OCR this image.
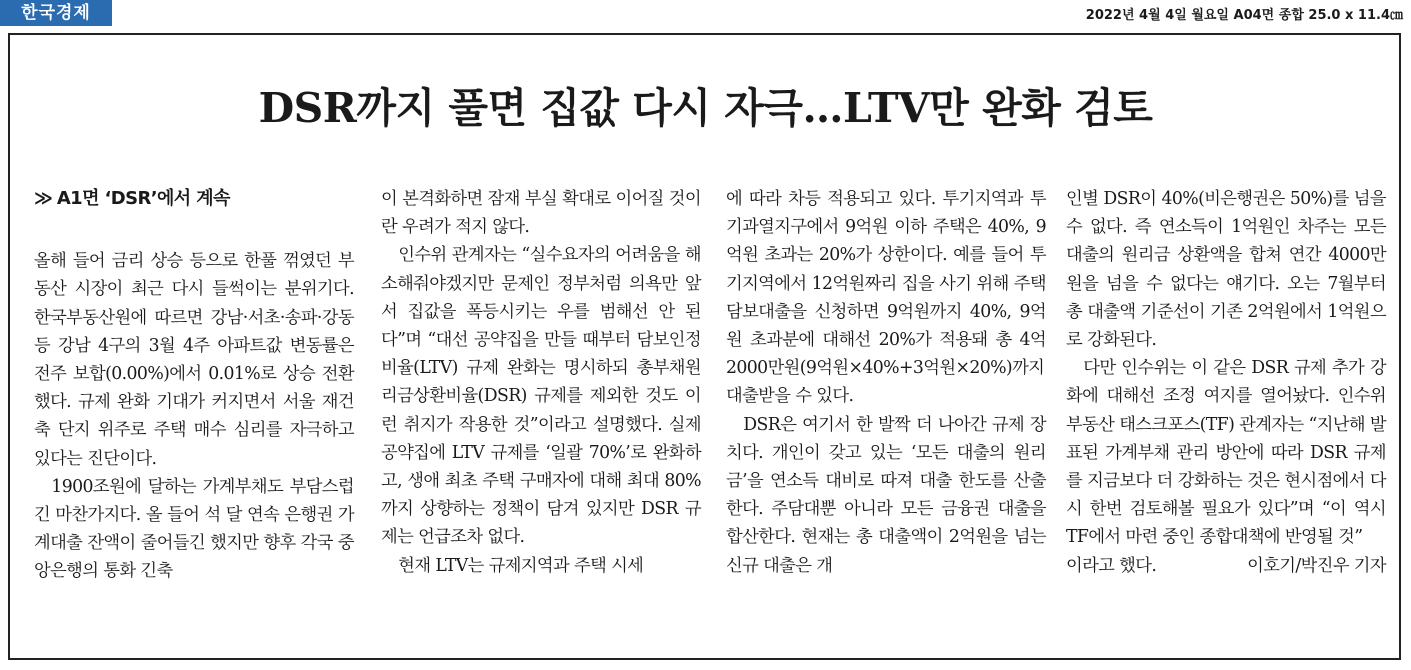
한국경제	2022년 4월 4일 월요일 A04면 종합 25.0 x 11.4㎝
DSR까지 풀면 집값 다시 자극…LTV만 완화 검토
≫ A1면 ‘DSR’에서 계속

올해 들어 금리 상승 등으로 한풀 꺾였던 부동산 시장이 최근 다시 들썩이는 분위기다. 한국부동산원에 따르면 강남·서초·송파·강동 등 강남 4구의 3월 4주 아파트값 변동률은 전주 보합(0.00%)에서 0.01%로 상승 전환했다. 규제 완화 기대가 커지면서 서울 재건축 단지 위주로 주택 매수 심리를 자극하고 있다는 진단이다.

1900조원에 달하는 가계부채도 부담스럽긴 마찬가지다. 올 들어 석 달 연속 은행권 가계대출 잔액이 줄어들긴 했지만 향후 각국 중앙은행의 통화 긴축

이 본격화하면 잠재 부실 확대로 이어질 것이란 우려가 적지 않다.

인수위 관계자는 “실수요자의 어려움을 해소해줘야겠지만 문제인 정부처럼 의욕만 앞서 집값을 폭등시키는 우를 범해선 안 된다”며 “대선 공약집을 만들 때부터 담보인정비율(LTV) 규제 완화는 명시하되 총부채원리금상환비율(DSR) 규제를 제외한 것도 이런 취지가 작용한 것”이라고 설명했다. 실제 공약집에 LTV 규제를 ‘일괄 70%’로 완화하고, 생애 최초 주택 구매자에 대해 최대 80%까지 상향하는 정책이 담겨 있지만 DSR 규제는 언급조차 없다.

현재 LTV는 규제지역과 주택 시세

에 따라 차등 적용되고 있다. 투기지역과 투기과열지구에서 9억원 이하 주택은 40%, 9억원 초과는 20%가 상한이다. 예를 들어 투기지역에서 12억원짜리 집을 사기 위해 주택담보대출을 신청하면 9억원까지 40%, 9억원 초과분에 대해선 20%가 적용돼 총 4억2000만원(9억원×40%+3억원×20%)까지 대출받을 수 있다.

DSR은 여기서 한 발짝 더 나아간 규제 장치다. 개인이 갖고 있는 ‘모든 대출의 원리금’을 연소득 대비로 따져 대출 한도를 산출한다. 주담대뿐 아니라 모든 금융권 대출을 합산한다. 현재는 총 대출액이 2억원을 넘는 신규 대출은 개

인별 DSR이 40%(비은행권은 50%)를 넘을 수 없다. 즉 연소득이 1억원인 차주는 모든 대출의 원리금 상환액을 합쳐 연간 4000만원을 넘을 수 없다는 얘기다. 오는 7월부터 총 대출액 기준선이 기존 2억원에서 1억원으로 강화된다.

다만 인수위는 이 같은 DSR 규제 추가 강화에 대해선 조정 여지를 열어놨다. 인수위 부동산 태스크포스(TF) 관계자는 “지난해 발표된 가계부채 관리 방안에 따라 DSR 규제를 지금보다 더 강화하는 것은 현시점에서 다시 한번 검토해볼 필요가 있다”며 “이 역시 TF에서 마련 중인 종합대책에 반영될 것”

이라고 했다.	이호기/박진우 기자
